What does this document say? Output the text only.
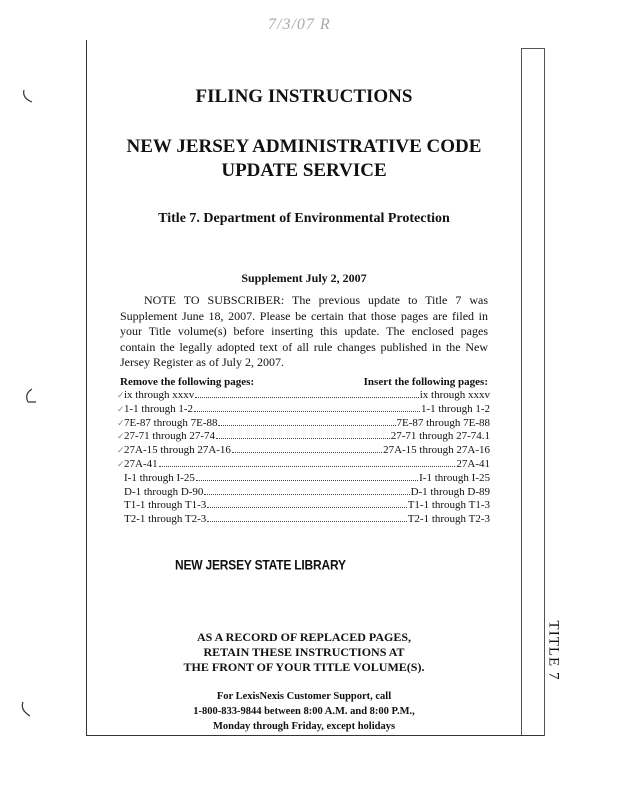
TITLE 7
7/3/07 R
FILING INSTRUCTIONS
NEW JERSEY ADMINISTRATIVE CODE
UPDATE SERVICE
Title 7. Department of Environmental Protection
Supplement July 2, 2007
NOTE TO SUBSCRIBER: The previous update to Title 7 was Supplement June 18, 2007. Please be certain that those pages are filed in your Title volume(s) before inserting this update. The enclosed pages contain the legally adopted text of all rule changes published in the New Jersey Register as of July 2, 2007.
Remove the following pages:	Insert the following pages:
✓ ix through xxxv	ix through xxxv
✓ 1-1 through 1-2	1-1 through 1-2
✓ 7E-87 through 7E-88	7E-87 through 7E-88
✓ 27-71 through 27-74	27-71 through 27-74.1
✓ 27A-15 through 27A-16	27A-15 through 27A-16
✓ 27A-41	27A-41
I-1 through I-25	I-1 through I-25
D-1 through D-90	D-1 through D-89
T1-1 through T1-3	T1-1 through T1-3
T2-1 through T2-3	T2-1 through T2-3
NEW JERSEY STATE LIBRARY
AS A RECORD OF REPLACED PAGES,
RETAIN THESE INSTRUCTIONS AT
THE FRONT OF YOUR TITLE VOLUME(S).
For LexisNexis Customer Support, call
1-800-833-9844 between 8:00 A.M. and 8:00 P.M.,
Monday through Friday, except holidays
